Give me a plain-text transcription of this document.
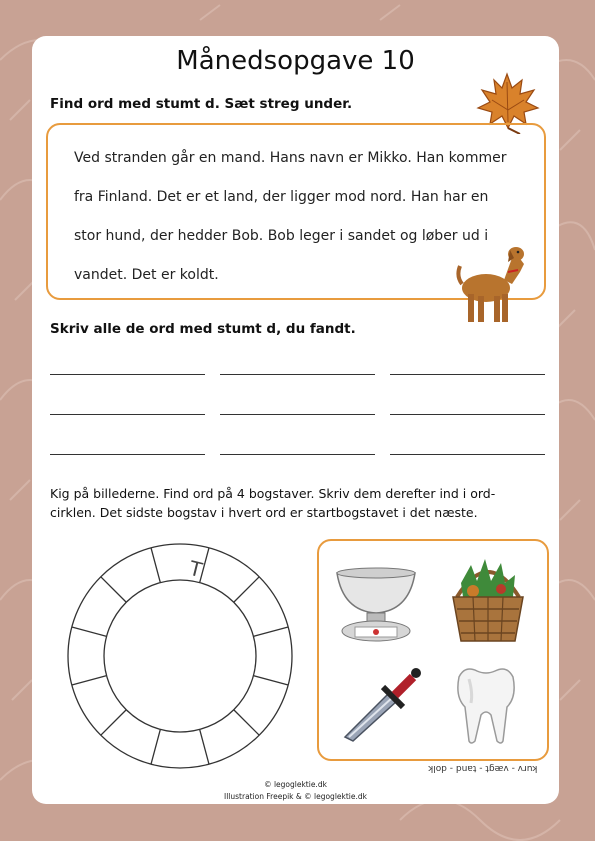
Månedsopgave 10
Find ord med stumt d. Sæt streg under.
Ved stranden går en mand. Hans navn er Mikko. Han kommer
fra Finland. Det er et land, der ligger mod nord. Han har en
stor hund, der hedder Bob. Bob leger i sandet og løber ud i
vandet. Det er koldt.
Skriv alle de ord med stumt d, du fandt.
Kig på billederne. Find ord på 4 bogstaver. Skriv dem derefter ind i ord-cirklen. Det sidste bogstav i hvert ord er startbogstavet i det næste.
T
kurv - vægt - tand - dolk
© legoglektie.dk
Illustration Freepik & © legoglektie.dk
